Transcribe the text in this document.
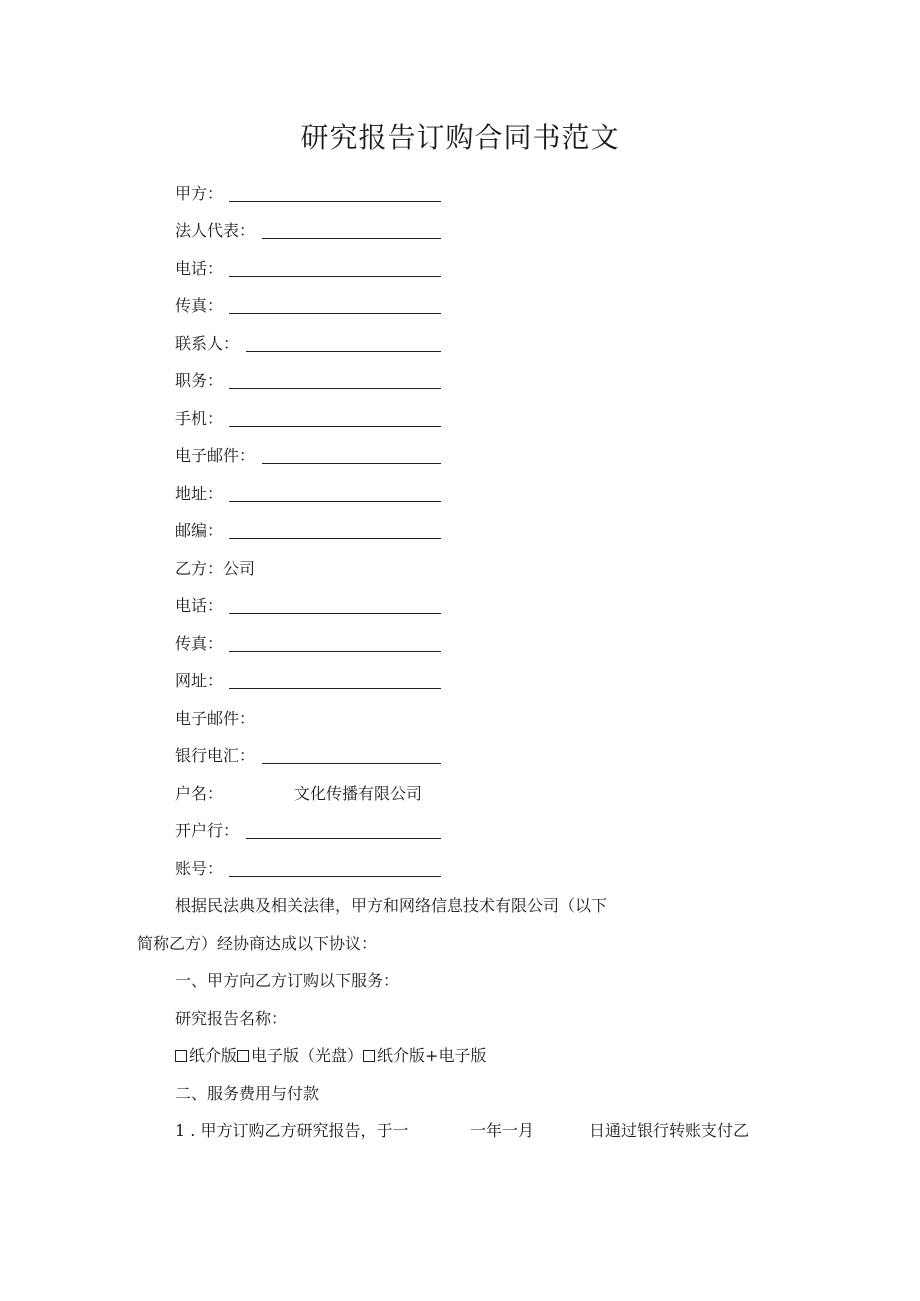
研究报告订购合同书范文
甲方：
法人代表：
电话：
传真：
联系人：
职务：
手机：
电子邮件：
地址：
邮编：
乙方：公司
电话：
传真：
网址：
电子邮件：
银行电汇：
户名：	文化传播有限公司
开户行：
账号：
根据民法典及相关法律，甲方和网络信息技术有限公司（以下
简称乙方）经协商达成以下协议：
一、甲方向乙方订购以下服务：
研究报告名称：
纸介版 电子版（光盘） 纸介版+电子版
二、服务费用与付款
1 . 甲方订购乙方研究报告，于一	一年一月	日通过银行转账支付乙
